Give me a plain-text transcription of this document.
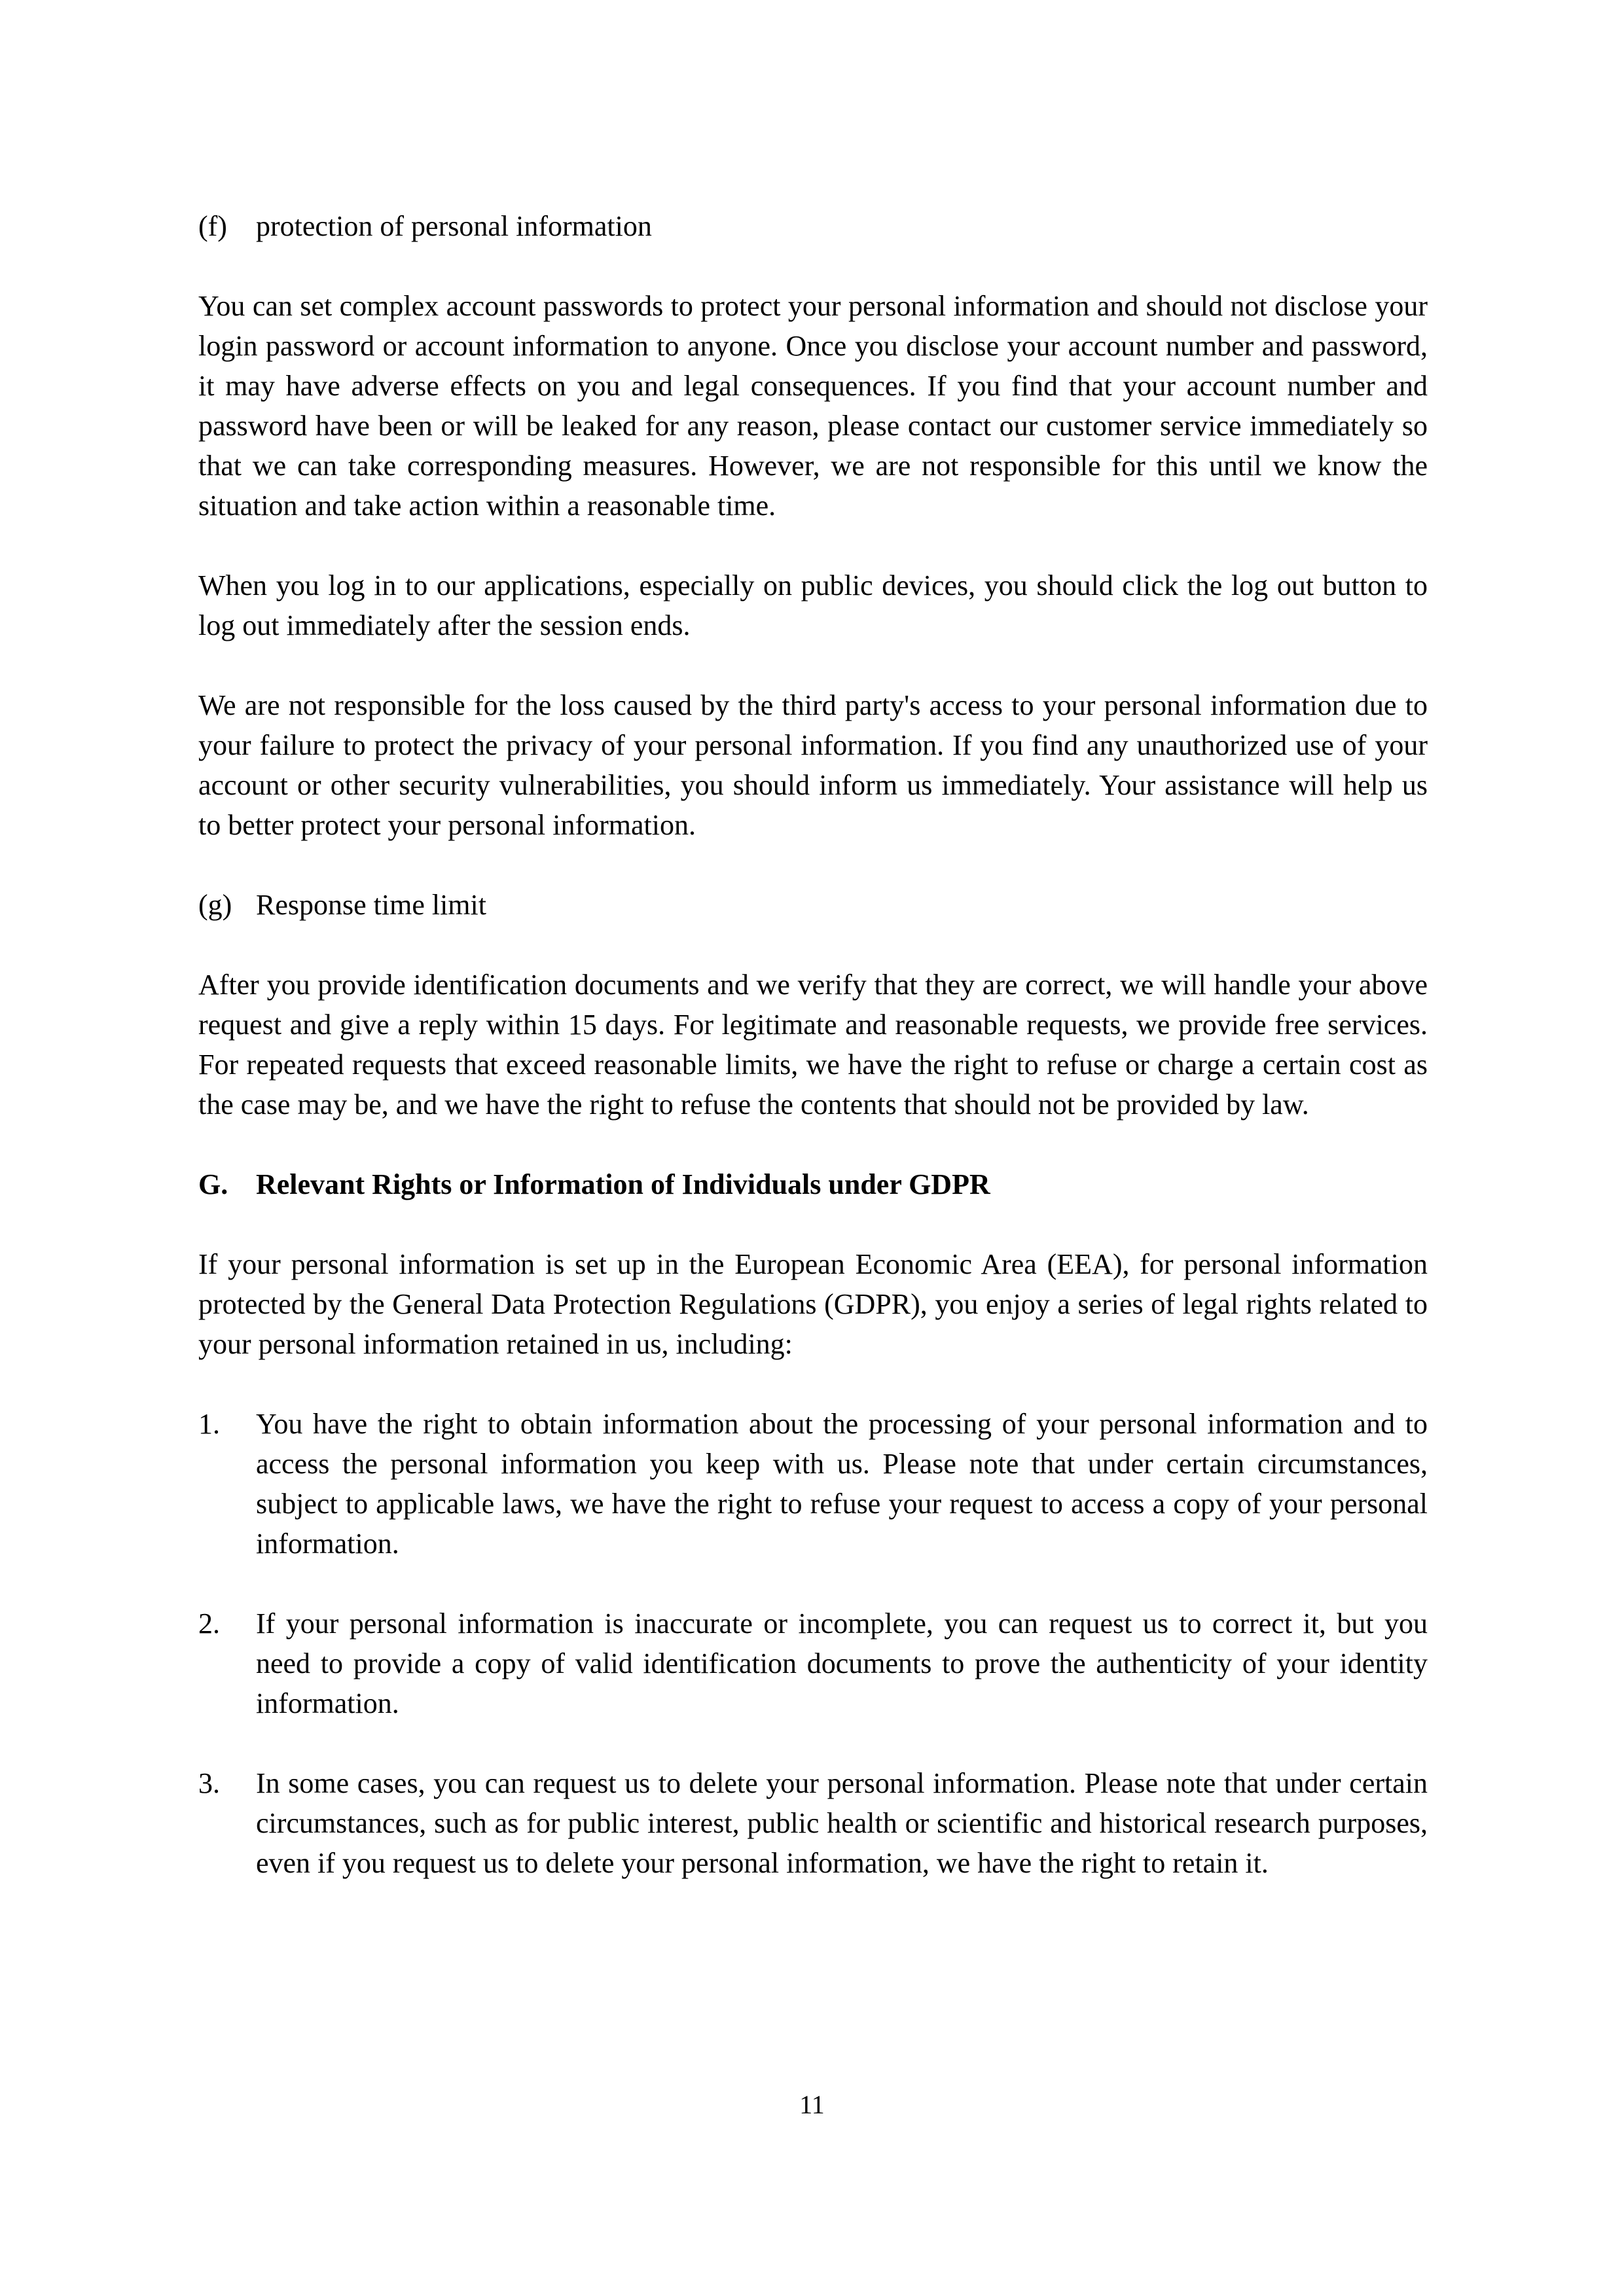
(f)	protection of personal information

You can set complex account passwords to protect your personal information and should not disclose your login password or account information to anyone. Once you disclose your account number and password, it may have adverse effects on you and legal consequences. If you find that your account number and password have been or will be leaked for any reason, please contact our customer service immediately so that we can take corresponding measures. However, we are not responsible for this until we know the situation and take action within a reasonable time.

When you log in to our applications, especially on public devices, you should click the log out button to log out immediately after the session ends.

We are not responsible for the loss caused by the third party's access to your personal information due to your failure to protect the privacy of your personal information. If you find any unauthorized use of your account or other security vulnerabilities, you should inform us immediately. Your assistance will help us to better protect your personal information.

(g) Response time limit

After you provide identification documents and we verify that they are correct, we will handle your above request and give a reply within 15 days. For legitimate and reasonable requests, we provide free services. For repeated requests that exceed reasonable limits, we have the right to refuse or charge a certain cost as the case may be, and we have the right to refuse the contents that should not be provided by law.

G. Relevant Rights or Information of Individuals under GDPR

If your personal information is set up in the European Economic Area (EEA), for personal information protected by the General Data Protection Regulations (GDPR), you enjoy a series of legal rights related to your personal information retained in us, including:

1.	You have the right to obtain information about the processing of your personal information and to access the personal information you keep with us. Please note that under certain circumstances, subject to applicable laws, we have the right to refuse your request to access a copy of your personal information.
2.	If your personal information is inaccurate or incomplete, you can request us to correct it, but you need to provide a copy of valid identification documents to prove the authenticity of your identity information.
3.	In some cases, you can request us to delete your personal information. Please note that under certain circumstances, such as for public interest, public health or scientific and historical research purposes, even if you request us to delete your personal information, we have the right to retain it.
11
